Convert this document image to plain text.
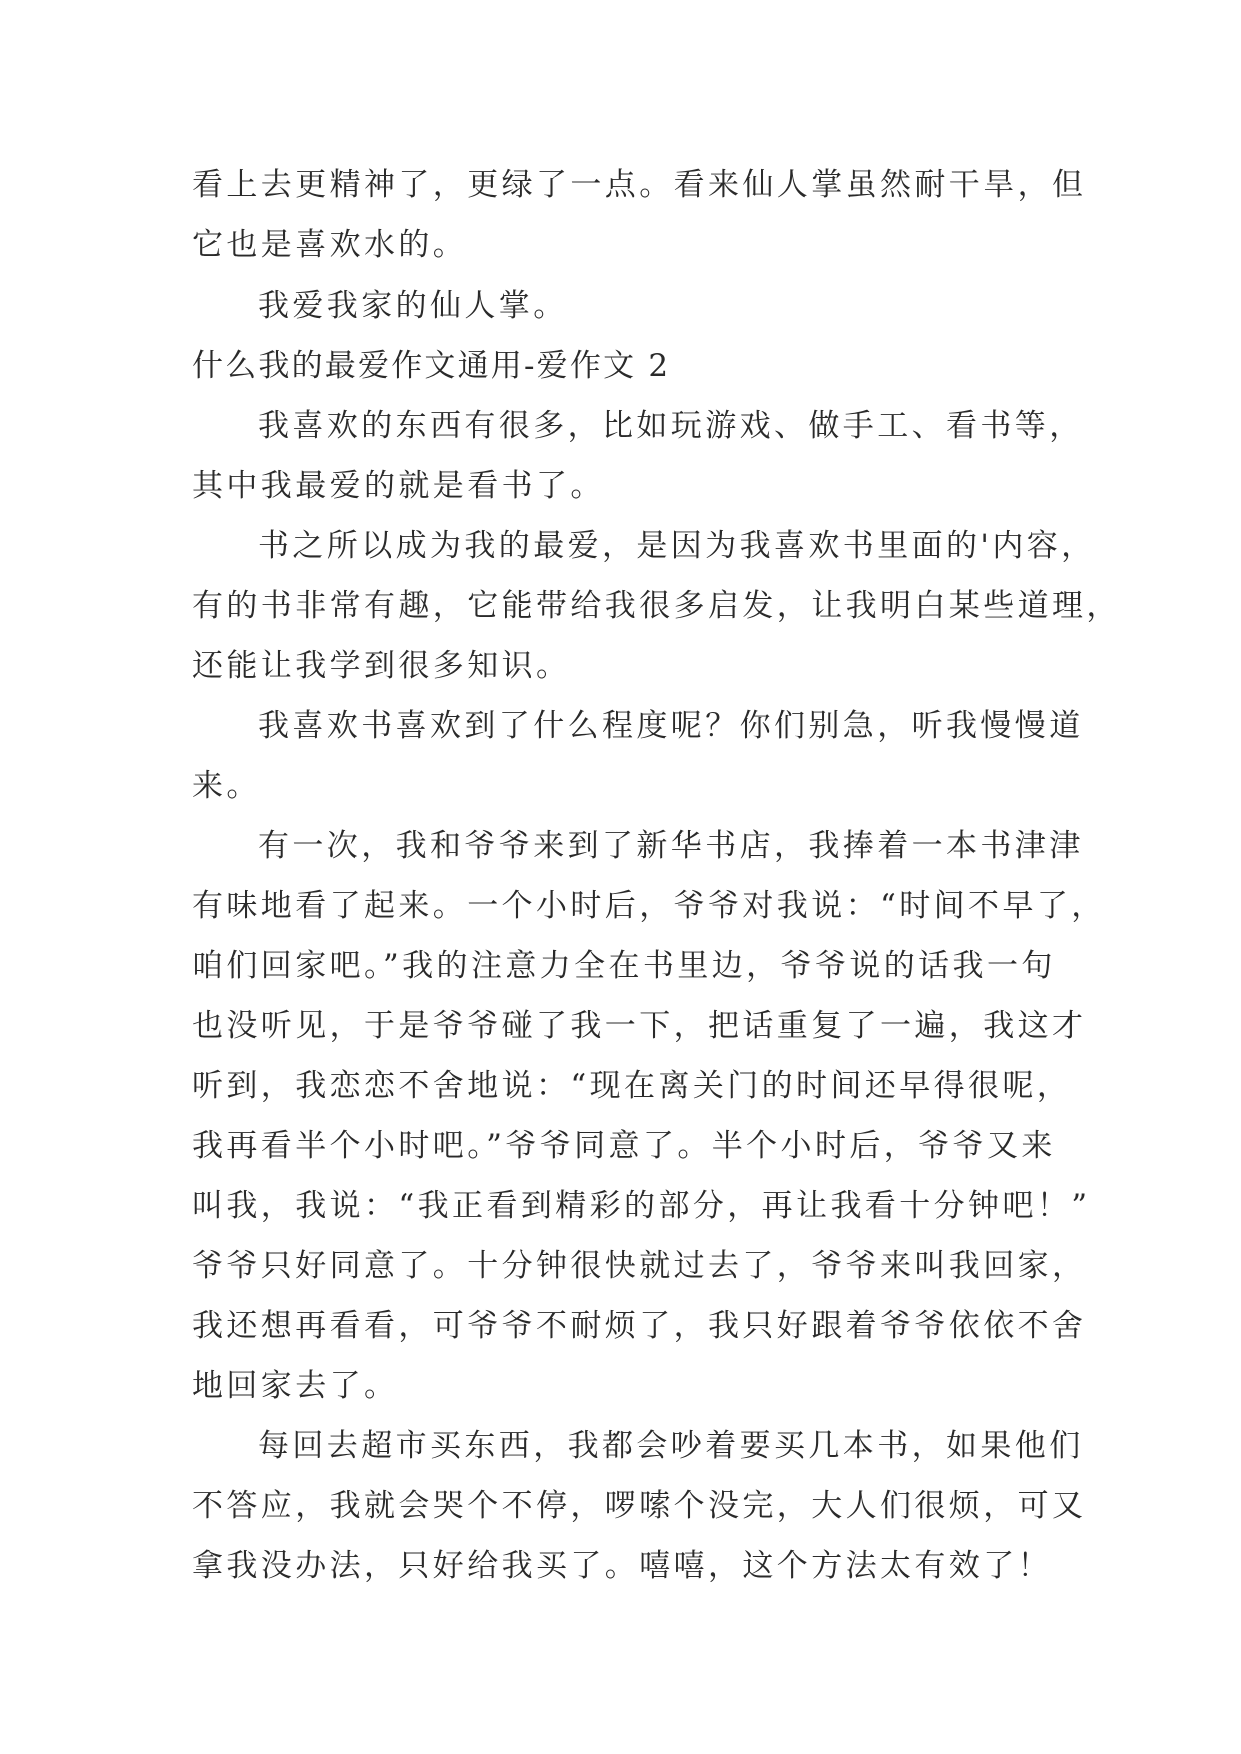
看上去更精神了，更绿了一点。看来仙人掌虽然耐干旱，但
它也是喜欢水的。
我爱我家的仙人掌。
什么我的最爱作文通用-爱作文 2
我喜欢的东西有很多，比如玩游戏、做手工、看书等，
其中我最爱的就是看书了。
书之所以成为我的最爱，是因为我喜欢书里面的'内容，
有的书非常有趣，它能带给我很多启发，让我明白某些道理，
还能让我学到很多知识。
我喜欢书喜欢到了什么程度呢？你们别急，听我慢慢道
来。
有一次，我和爷爷来到了新华书店，我捧着一本书津津
有味地看了起来。一个小时后，爷爷对我说：“时间不早了，
咱们回家吧。”我的注意力全在书里边，爷爷说的话我一句
也没听见，于是爷爷碰了我一下，把话重复了一遍，我这才
听到，我恋恋不舍地说：“现在离关门的时间还早得很呢，
我再看半个小时吧。”爷爷同意了。半个小时后，爷爷又来
叫我，我说：“我正看到精彩的部分，再让我看十分钟吧！”
爷爷只好同意了。十分钟很快就过去了，爷爷来叫我回家，
我还想再看看，可爷爷不耐烦了，我只好跟着爷爷依依不舍
地回家去了。
每回去超市买东西，我都会吵着要买几本书，如果他们
不答应，我就会哭个不停，啰嗦个没完，大人们很烦，可又
拿我没办法，只好给我买了。嘻嘻，这个方法太有效了！
